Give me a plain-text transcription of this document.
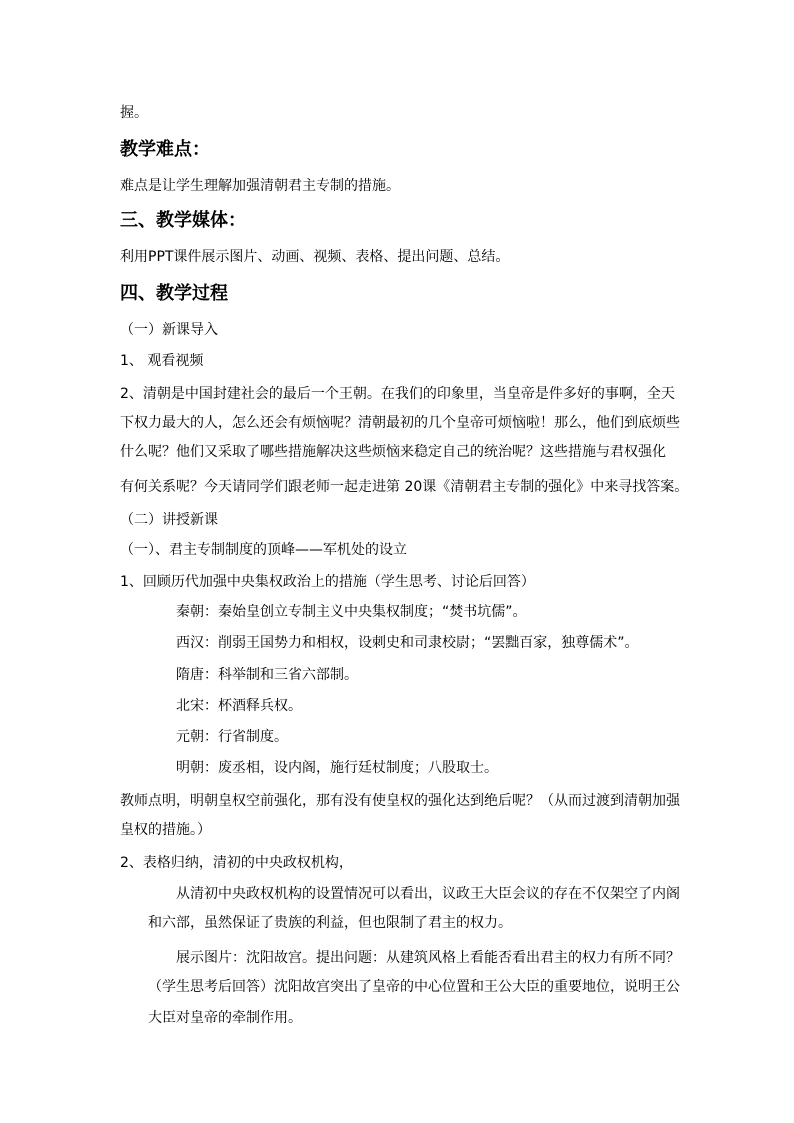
握。
教学难点：
难点是让学生理解加强清朝君主专制的措施。
三、教学媒体：
利用PPT课件展示图片、动画、视频、表格、提出问题、总结。
四、教学过程
（一）新课导入
1、 观看视频
2、清朝是中国封建社会的最后一个王朝。在我们的印象里，当皇帝是件多好的事啊，全天
下权力最大的人，怎么还会有烦恼呢？清朝最初的几个皇帝可烦恼啦！那么，他们到底烦些
什么呢？他们又采取了哪些措施解决这些烦恼来稳定自己的统治呢？这些措施与君权强化
有何关系呢？今天请同学们跟老师一起走进第 20课《清朝君主专制的强化》中来寻找答案。
（二）讲授新课
（一）、君主专制制度的顶峰——军机处的设立
1、回顾历代加强中央集权政治上的措施（学生思考、讨论后回答）
秦朝：秦始皇创立专制主义中央集权制度；“焚书坑儒”。
西汉：削弱王国势力和相权，设刺史和司隶校尉；“罢黜百家，独尊儒术”。
隋唐：科举制和三省六部制。
北宋：杯酒释兵权。
元朝：行省制度。
明朝：废丞相，设内阁，施行廷杖制度；八股取士。
教师点明，明朝皇权空前强化，那有没有使皇权的强化达到绝后呢？（从而过渡到清朝加强
皇权的措施。）
2、表格归纳，清初的中央政权机构，
从清初中央政权机构的设置情况可以看出，议政王大臣会议的存在不仅架空了内阁
和六部，虽然保证了贵族的利益，但也限制了君主的权力。
展示图片：沈阳故宫。提出问题：从建筑风格上看能否看出君主的权力有所不同？
（学生思考后回答）沈阳故宫突出了皇帝的中心位置和王公大臣的重要地位，说明王公
大臣对皇帝的牵制作用。
